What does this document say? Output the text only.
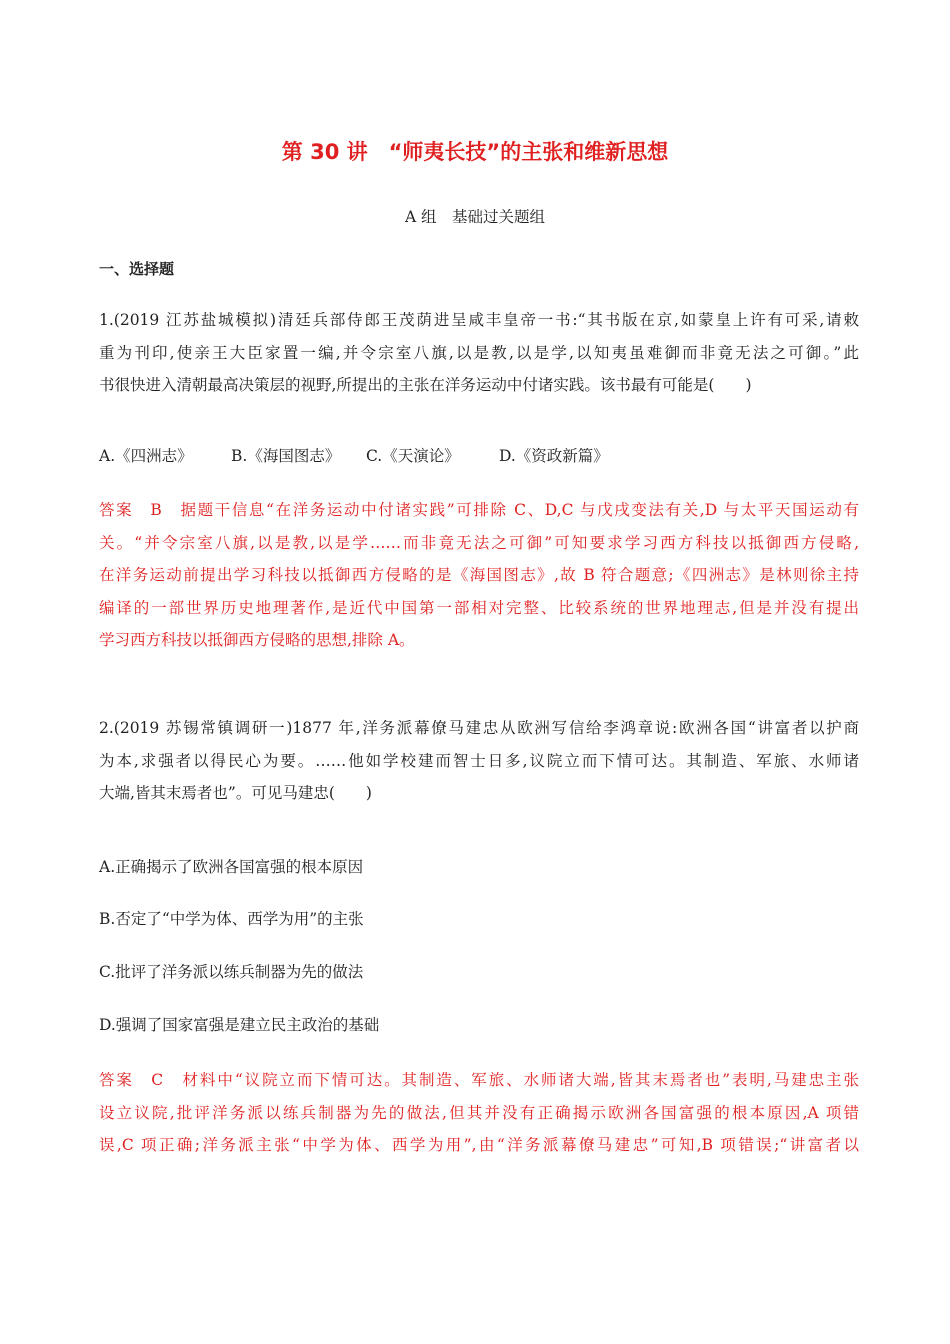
第 30 讲　“师夷长技”的主张和维新思想
A 组　基础过关题组
一、选择题
1.(2019 江苏盐城模拟)清廷兵部侍郎王茂荫进呈咸丰皇帝一书:“其书版在京,如蒙皇上许有可采,请敕
重为刊印,使亲王大臣家置一编,并令宗室八旗,以是教,以是学,以知夷虽难御而非竟无法之可御。”此
书很快进入清朝最高决策层的视野,所提出的主张在洋务运动中付诸实践。该书最有可能是(　　)
A.《四洲志》 B.《海国图志》 C.《天演论》	D.《资政新篇》
答案　B　据题干信息“在洋务运动中付诸实践”可排除 C、D,C 与戊戌变法有关,D 与太平天国运动有
关。“并令宗室八旗,以是教,以是学……而非竟无法之可御”可知要求学习西方科技以抵御西方侵略,
在洋务运动前提出学习科技以抵御西方侵略的是《海国图志》,故 B 符合题意;《四洲志》是林则徐主持
编译的一部世界历史地理著作,是近代中国第一部相对完整、比较系统的世界地理志,但是并没有提出
学习西方科技以抵御西方侵略的思想,排除 A。
2.(2019 苏锡常镇调研一)1877 年,洋务派幕僚马建忠从欧洲写信给李鸿章说:欧洲各国“讲富者以护商
为本,求强者以得民心为要。……他如学校建而智士日多,议院立而下情可达。其制造、军旅、水师诸
大端,皆其末焉者也”。可见马建忠(　　)
A.正确揭示了欧洲各国富强的根本原因
B.否定了“中学为体、西学为用”的主张
C.批评了洋务派以练兵制器为先的做法
D.强调了国家富强是建立民主政治的基础
答案　C　材料中“议院立而下情可达。其制造、军旅、水师诸大端,皆其末焉者也”表明,马建忠主张
设立议院,批评洋务派以练兵制器为先的做法,但其并没有正确揭示欧洲各国富强的根本原因,A 项错
误,C 项正确;洋务派主张“中学为体、西学为用”,由“洋务派幕僚马建忠”可知,B 项错误;“讲富者以
